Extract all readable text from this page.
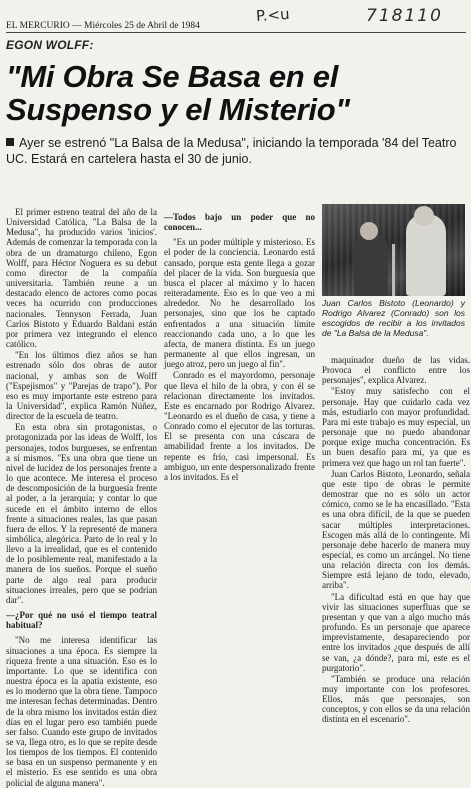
P.<u	718110
EL MERCURIO — Miércoles 25 de Abril de 1984
EGON WOLFF:
"Mi Obra Se Basa en el Suspenso y el Misterio"
Ayer se estrenó "La Balsa de la Medusa", iniciando la temporada '84 del Teatro UC. Estará en cartelera hasta el 30 de junio.

El primer estreno teatral del año de la Universidad Católica, "La Balsa de la Medusa", ha producido varios 'inicios'. Además de comenzar la temporada con la obra de un dramaturgo chileno, Egon Wolff, para Héctor Noguera es su debut como director de la compañía universitaria. También reune a un destacado elenco de actores como pocas veces ha ocurrido con producciones nacionales. Tennyson Ferrada, Juan Carlos Bistoto y Eduardo Baldani están por primera vez integrando el elenco católico.

"En los últimos diez años se han estrenado sólo dos obras de autor nacional, y ambas son de Wolff ("Espejismos" y "Parejas de trapo"). Por eso es muy importante este estreno para la Universidad", explica Ramón Núñez, director de la escuela de teatro.

En esta obra sin protagonistas, o protagonizada por las ideas de Wolff, los personajes, todos burgueses, se enfrentan a sí mismos. "Es una obra que tiene un nivel de lucidez de los personajes frente a lo que acontece. Me interesa el proceso de descomposición de la burguesía frente al poder, a la jerarquía; y contar lo que sucede en el ámbito interno de ellos frente a situaciones reales, las que pasan fuera de ellos. Y la representé de manera simbólica, alegórica. Parto de lo real y lo llevo a la irrealidad, que es el contenido de lo posiblemente real, manifestado a la manera de los sueños. Porque el sueño parte de algo real para producir situaciones irreales, pero que se podrían dar".

—¿Por qué no usó el tiempo teatral habitual?

"No me interesa identificar las situaciones a una época. Es siempre la riqueza frente a una situación. Eso es lo importante. Lo que se identifica con nuestra época es la apatía existente, eso es lo moderno que la obra tiene. Tampoco me interesan fechas determinadas. Dentro de la obra mismo los invitados están diez días en el lugar pero eso también puede ser falso. Cuando este grupo de invitados se va, llega otro, es lo que se repite desde los tiempos de los tiempos. El contenido se basa en un suspenso permanente y en el misterio. Es ese sentido es una obra policial de alguna manera".

—Todos bajo un poder que no conocen...

"Es un poder múltiple y misterioso. Es el poder de la conciencia. Leonardo está cansado, porque esta gente llega a gozar del placer de la vida. Son burguesía que busca el placer al máximo y lo hacen reiteradamente. Eso es lo que veo a mi alrededor. No he desarrollado los personajes, sino que los he captado enfrentados a una situación límite reaccionando cada uno, a lo que les afecta, de manera distinta. Es un juego permanente al que ellos ingresan, un juego atroz, pero un juego al fin".

Conrado es el mayordomo, personaje que lleva el hilo de la obra, y con él se relacionan directamente los invitados. Este es encarnado por Rodrigo Alvarez. "Leonardo es el dueño de casa, y tiene a Conrado como el ejecutor de las torturas. El se presenta con una cáscara de amabilidad frente a los invitados. De repente es frío, casi impersonal. Es ambiguo, un ente despersonalizado frente a los invitados. Es el

maquinador dueño de las vidas. Provoca el conflicto entre los personajes", explica Alvarez.

"Estoy muy satisfecho con el personaje. Hay que cuidarlo cada vez más, estudiarlo con mayor profundidad. Para mí este trabajo es muy especial, un personaje que no puedo abandonar porque exige mucha concentración. Es un buen desafío para mí, ya que es primera vez que hago un rol tan fuerte".

Juan Carlos Bistoto, Leonardo, señala que este tipo de obras le permite demostrar que no es sólo un actor cómico, como se le ha encasillado. "Esta es una obra difícil, de la que se pueden sacar múltiples interpretaciones. Escogen más allá de lo contingente. Mi personaje debe hacerlo de manera muy especial, es como un arcángel. No tiene una relación directa con los demás. Siempre está lejano de todo, elevado, arriba".

"La dificultad está en que hay que vivir las situaciones superfluas que se presentan y que van a algo mucho más profundo. Es un personaje que aparece imprevistamente, desapareciendo por entre los invitados ¿que después de allí se van, ¿a dónde?, para mí, este es el purgatorio".

"También se produce una relación muy importante con los profesores. Ellos, más que personajes, son conceptos, y con ellos se da una relación distinta en el escenario".

Juan Carlos Bistoto (Leonardo) y Rodrigo Alvarez (Conrado) son los escogidos de recibir a los invitados de "La Balsa de la Medusa".
